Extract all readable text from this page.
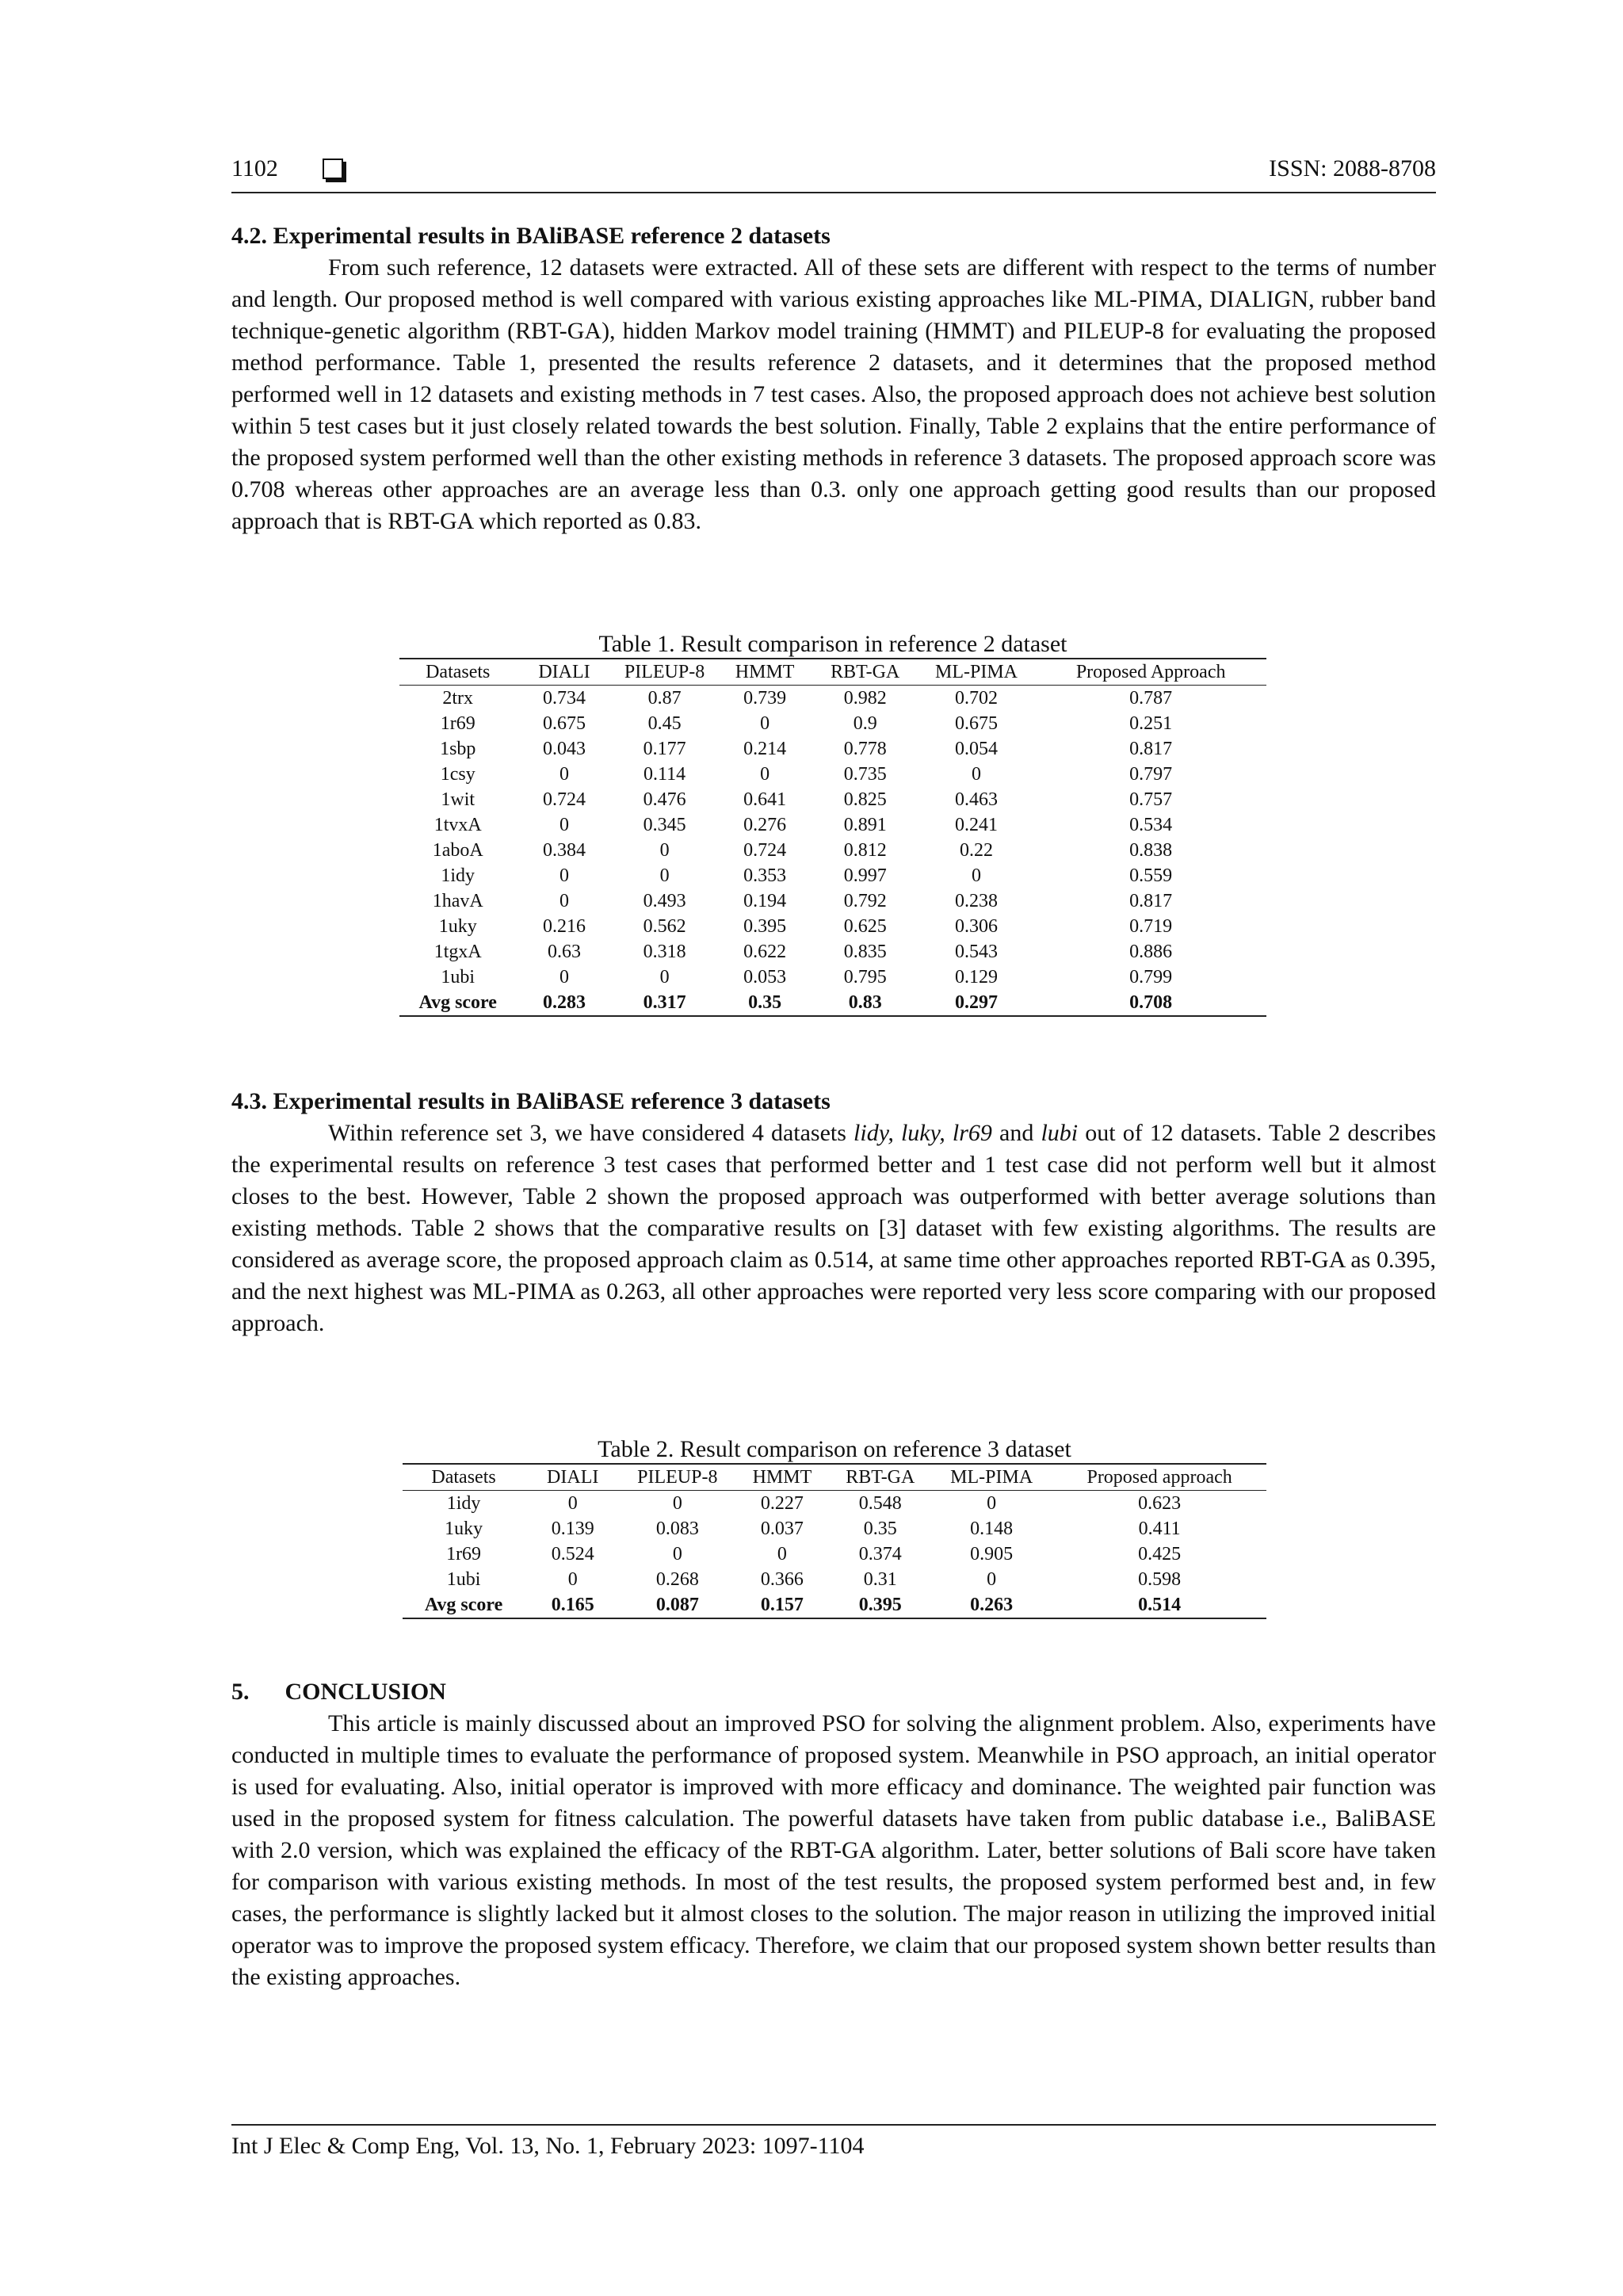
1102	ISSN: 2088-8708
4.2. Experimental results in BAliBASE reference 2 datasets

From such reference, 12 datasets were extracted. All of these sets are different with respect to the terms of number and length. Our proposed method is well compared with various existing approaches like ML-PIMA, DIALIGN, rubber band technique-genetic algorithm (RBT-GA), hidden Markov model training (HMMT) and PILEUP-8 for evaluating the proposed method performance. Table 1, presented the results reference 2 datasets, and it determines that the proposed method performed well in 12 datasets and existing methods in 7 test cases. Also, the proposed approach does not achieve best solution within 5 test cases but it just closely related towards the best solution. Finally, Table 2 explains that the entire performance of the proposed system performed well than the other existing methods in reference 3 datasets. The proposed approach score was 0.708 whereas other approaches are an average less than 0.3. only one approach getting good results than our proposed approach that is RBT-GA which reported as 0.83.

Table 1. Result comparison in reference 2 dataset
Datasets	DIALI	PILEUP-8	HMMT	RBT-GA	ML-PIMA	Proposed Approach
2trx	0.734	0.87	0.739	0.982	0.702	0.787
1r69	0.675	0.45	0	0.9	0.675	0.251
1sbp	0.043	0.177	0.214	0.778	0.054	0.817
1csy	0	0.114	0	0.735	0	0.797
1wit	0.724	0.476	0.641	0.825	0.463	0.757
1tvxA	0	0.345	0.276	0.891	0.241	0.534
1aboA	0.384	0	0.724	0.812	0.22	0.838
1idy	0	0	0.353	0.997	0	0.559
1havA	0	0.493	0.194	0.792	0.238	0.817
1uky	0.216	0.562	0.395	0.625	0.306	0.719
1tgxA	0.63	0.318	0.622	0.835	0.543	0.886
1ubi	0	0	0.053	0.795	0.129	0.799
Avg score	0.283	0.317	0.35	0.83	0.297	0.708
4.3. Experimental results in BAliBASE reference 3 datasets

Within reference set 3, we have considered 4 datasets lidy, luky, lr69 and lubi out of 12 datasets. Table 2 describes the experimental results on reference 3 test cases that performed better and 1 test case did not perform well but it almost closes to the best. However, Table 2 shown the proposed approach was outperformed with better average solutions than existing methods. Table 2 shows that the comparative results on [3] dataset with few existing algorithms. The results are considered as average score, the proposed approach claim as 0.514, at same time other approaches reported RBT-GA as 0.395, and the next highest was ML-PIMA as 0.263, all other approaches were reported very less score comparing with our proposed approach.

Table 2. Result comparison on reference 3 dataset
Datasets	DIALI	PILEUP-8	HMMT	RBT-GA	ML-PIMA	Proposed approach
1idy	0	0	0.227	0.548	0	0.623
1uky	0.139	0.083	0.037	0.35	0.148	0.411
1r69	0.524	0	0	0.374	0.905	0.425
1ubi	0	0.268	0.366	0.31	0	0.598
Avg score	0.165	0.087	0.157	0.395	0.263	0.514
5.      CONCLUSION

This article is mainly discussed about an improved PSO for solving the alignment problem. Also, experiments have conducted in multiple times to evaluate the performance of proposed system. Meanwhile in PSO approach, an initial operator is used for evaluating. Also, initial operator is improved with more efficacy and dominance. The weighted pair function was used in the proposed system for fitness calculation. The powerful datasets have taken from public database i.e., BaliBASE with 2.0 version, which was explained the efficacy of the RBT-GA algorithm. Later, better solutions of Bali score have taken for comparison with various existing methods. In most of the test results, the proposed system performed best and, in few cases, the performance is slightly lacked but it almost closes to the solution. The major reason in utilizing the improved initial operator was to improve the proposed system efficacy. Therefore, we claim that our proposed system shown better results than the existing approaches.

Int J Elec & Comp Eng, Vol. 13, No. 1, February 2023: 1097-1104
